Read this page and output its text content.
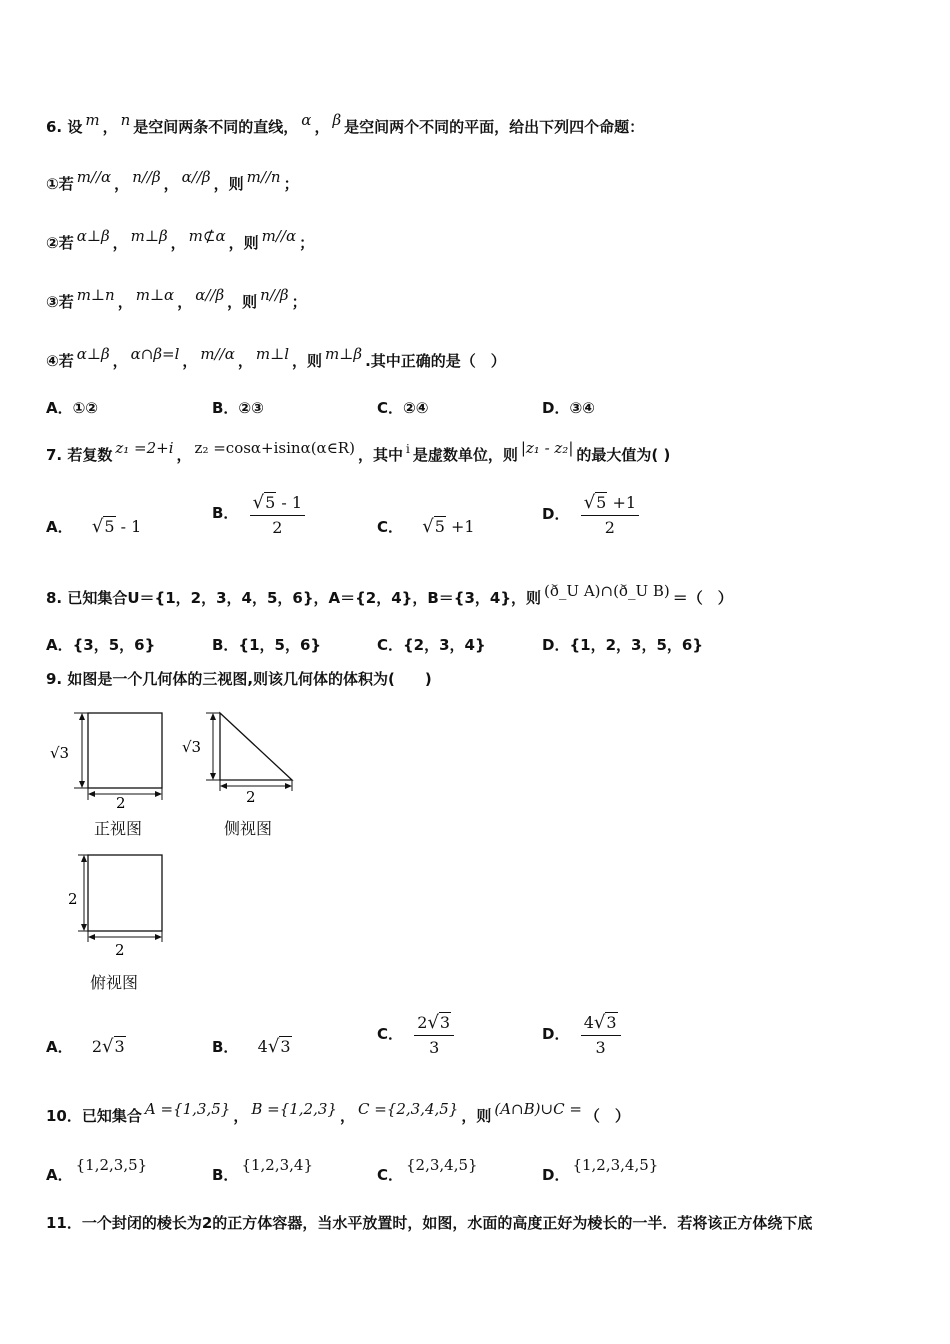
6. 设 m ， n 是空间两条不同的直线， α ， β 是空间两个不同的平面，给出下列四个命题：
①若 m//α ， n//β ， α//β ，则 m//n ；
②若 α⊥β ， m⊥β ， m⊄α ，则 m//α ；
③若 m⊥n ， m⊥α ， α//β ，则 n//β ；
④若 α⊥β ， α∩β=l ， m//α ， m⊥l ，则 m⊥β .其中正确的是（　）
A．①②	B．②③	C．②④	D．③④
7. 若复数 z₁ =2+i ， z₂ =cosα+isinα(α∈R) ，其中 $^i$ 是虚数单位，则 |z₁ - z₂| 的最大值为( )
A． √5 - 1
B． $\frac{√5 - 1}{2}$	C． √5 +1
D． $\frac{√5 +1}{2}$
8. 已知集合U＝{1，2，3，4，5，6}，A＝{2，4}，B＝{3，4}，则 (ð_U A)∩(ð_U B) ＝（　）
A．{3，5，6}	B．{1，5，6}	C．{2，3，4}	D．{1，2，3，5，6}
9. 如图是一个几何体的三视图,则该几何体的体积为(　　)
√3
2
正视图
√3
2
侧视图
2
2
俯视图
A． 2√3	B． 4√3
C． $\frac{2√3}{3}$	D． $\frac{4√3}{3}$
10．已知集合 A ={1,3,5} ， B ={1,2,3} ， C ={2,3,4,5} ，则 (A∩B)∪C = （　）
A．{1,2,3,5}
B．{1,2,3,4}
C．{2,3,4,5}
D．{1,2,3,4,5}
11．一个封闭的棱长为2的正方体容器，当水平放置时，如图，水面的高度正好为棱长的一半．若将该正方体绕下底
